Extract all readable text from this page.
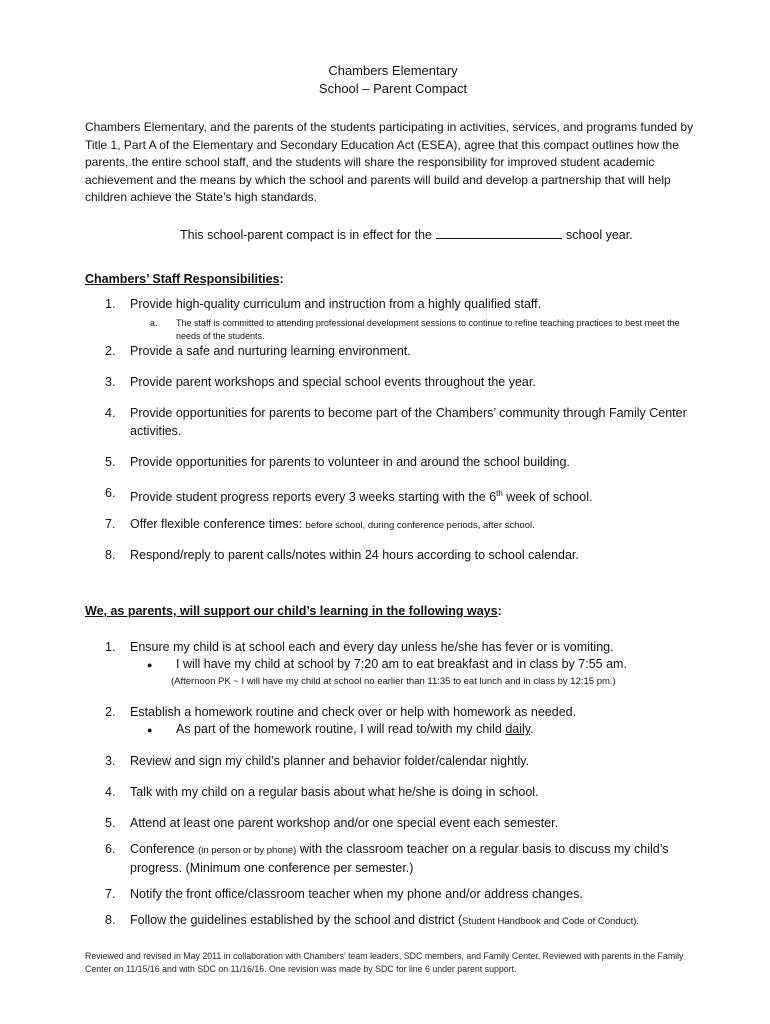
Chambers Elementary
School – Parent Compact
Chambers Elementary, and the parents of the students participating in activities, services, and programs funded by Title 1, Part A of the Elementary and Secondary Education Act (ESEA), agree that this compact outlines how the parents, the entire school staff, and the students will share the responsibility for improved student academic achievement and the means by which the school and parents will build and develop a partnership that will help children achieve the State’s high standards.
This school-parent compact is in effect for the	school year.
Chambers’ Staff Responsibilities:
1. Provide high-quality curriculum and instruction from a highly qualified staff.
a. The staff is committed to attending professional development sessions to continue to refine teaching practices to best meet the needs of the students.
2. Provide a safe and nurturing learning environment.
3. Provide parent workshops and special school events throughout the year.
4. Provide opportunities for parents to become part of the Chambers’ community through Family Center activities.
5. Provide opportunities for parents to volunteer in and around the school building.
6. Provide student progress reports every 3 weeks starting with the 6th week of school.
7. Offer flexible conference times: before school, during conference periods, after school.
8. Respond/reply to parent calls/notes within 24 hours according to school calendar.
We, as parents, will support our child’s learning in the following ways:
1. Ensure my child is at school each and every day unless he/she has fever or is vomiting.
● I will have my child at school by 7:20 am to eat breakfast and in class by 7:55 am.
(Afternoon PK ~ I will have my child at school no earlier than 11:35 to eat lunch and in class by 12:15 pm.)
2. Establish a homework routine and check over or help with homework as needed.
● As part of the homework routine, I will read to/with my child daily.
3. Review and sign my child’s planner and behavior folder/calendar nightly.
4. Talk with my child on a regular basis about what he/she is doing in school.
5. Attend at least one parent workshop and/or one special event each semester.
6. Conference (in person or by phone) with the classroom teacher on a regular basis to discuss my child’s progress. (Minimum one conference per semester.)
7. Notify the front office/classroom teacher when my phone and/or address changes.
8. Follow the guidelines established by the school and district (Student Handbook and Code of Conduct).
Reviewed and revised in May 2011 in collaboration with Chambers’ team leaders, SDC members, and Family Center. Reviewed with parents in the Family Center on 11/15/16 and with SDC on 11/16/16. One revision was made by SDC for line 6 under parent support.
